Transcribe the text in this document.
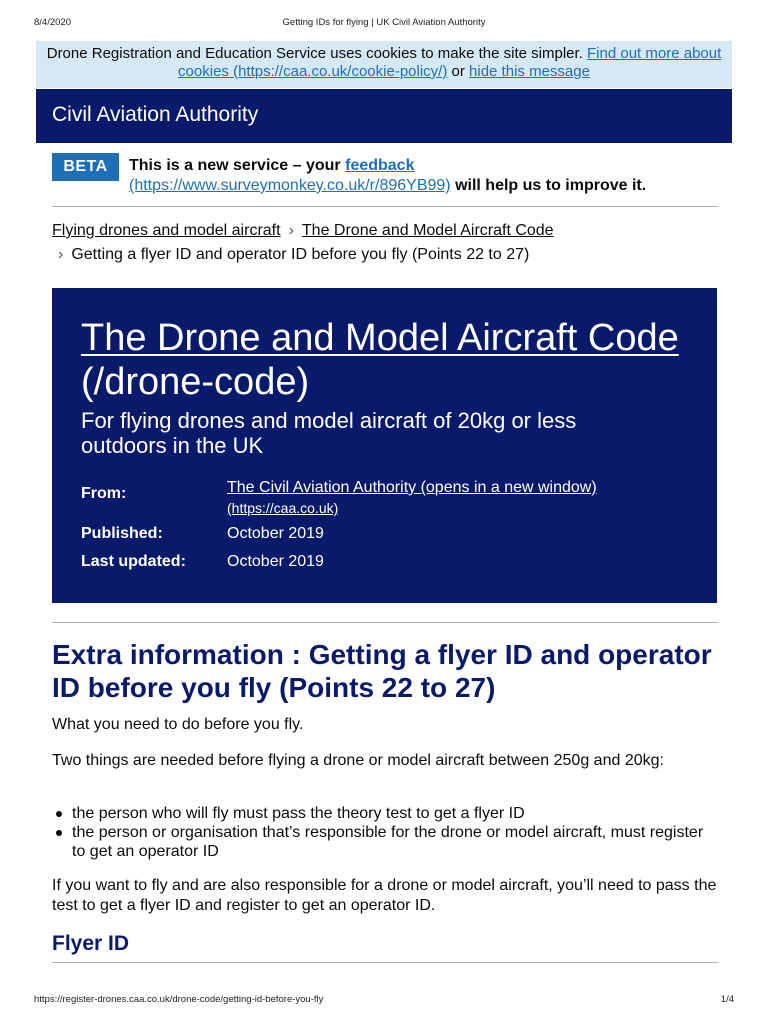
8/4/2020	Getting IDs for flying | UK Civil Aviation Authority
Drone Registration and Education Service uses cookies to make the site simpler. Find out more about cookies (https://caa.co.uk/cookie-policy/) or hide this message
Civil Aviation Authority
BETA	This is a new service – your feedback
(https://www.surveymonkey.co.uk/r/896YB99) will help us to improve it.
Flying drones and model aircraft › The Drone and Model Aircraft Code
› Getting a flyer ID and operator ID before you fly (Points 22 to 27)
The Drone and Model Aircraft Code (/drone-code)

For flying drones and model aircraft of 20kg or less outdoors in the UK

From:	The Civil Aviation Authority (opens in a new window)
(https://caa.co.uk)
Published:	October 2019
Last updated:	October 2019
Extra information : Getting a flyer ID and operator ID before you fly (Points 22 to 27)

What you need to do before you fly.

Two things are needed before flying a drone or model aircraft between 250g and 20kg:

the person who will fly must pass the theory test to get a flyer ID
the person or organisation that’s responsible for the drone or model aircraft, must register to get an operator ID

If you want to fly and are also responsible for a drone or model aircraft, you’ll need to pass the test to get a flyer ID and register to get an operator ID.

Flyer ID
https://register-drones.caa.co.uk/drone-code/getting-id-before-you-fly	1/4
